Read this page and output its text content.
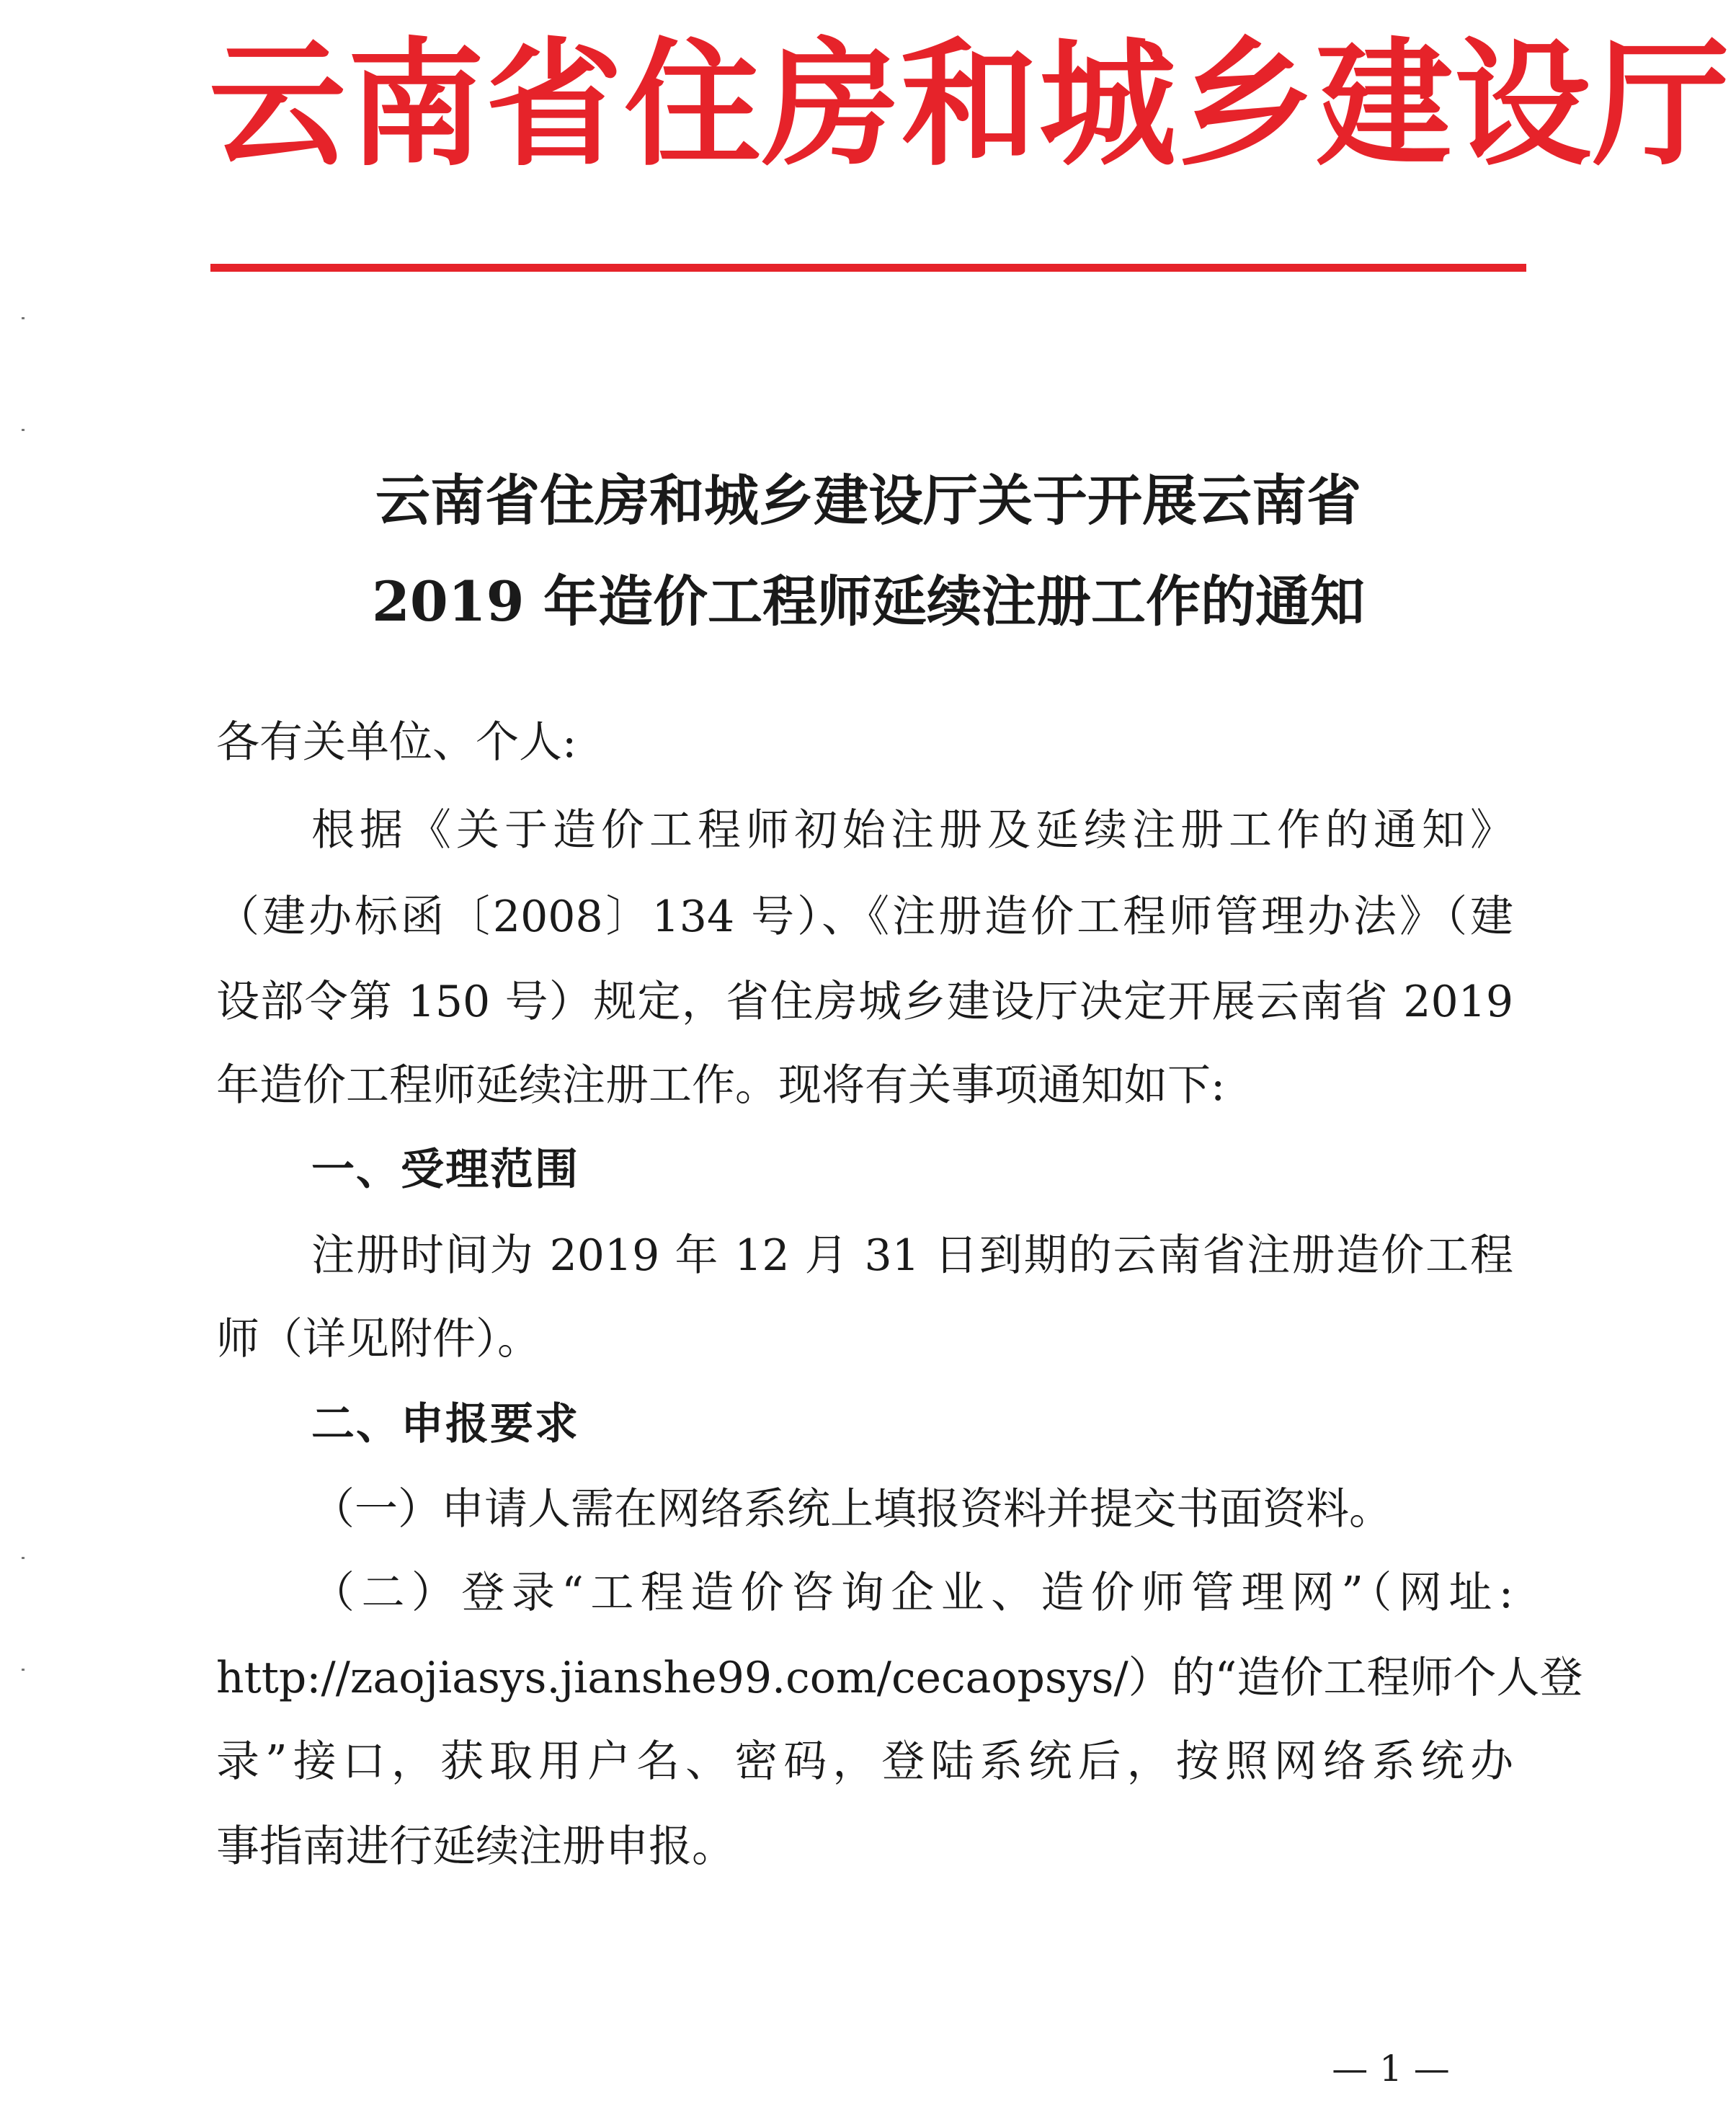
云南省住房和城乡建设厅
云南省住房和城乡建设厅关于开展云南省
2019 年造价工程师延续注册工作的通知
各有关单位、个人:
根据《关于造价工程师初始注册及延续注册工作的通知》
（建办标函〔2008〕134 号）、《注册造价工程师管理办法》（建
设部令第 150 号）规定，省住房城乡建设厅决定开展云南省 2019
年造价工程师延续注册工作。现将有关事项通知如下:
一、受理范围
注册时间为 2019 年 12 月 31 日到期的云南省注册造价工程
师（详见附件）。
二、申报要求
（一）申请人需在网络系统上填报资料并提交书面资料。
（二）登录“工程造价咨询企业、造价师管理网”（网址:
http://zaojiasys.jianshe99.com/cecaopsys/）的“造价工程师个人登
录”接口，获取用户名、密码，登陆系统后，按照网络系统办
事指南进行延续注册申报。
— 1 —
